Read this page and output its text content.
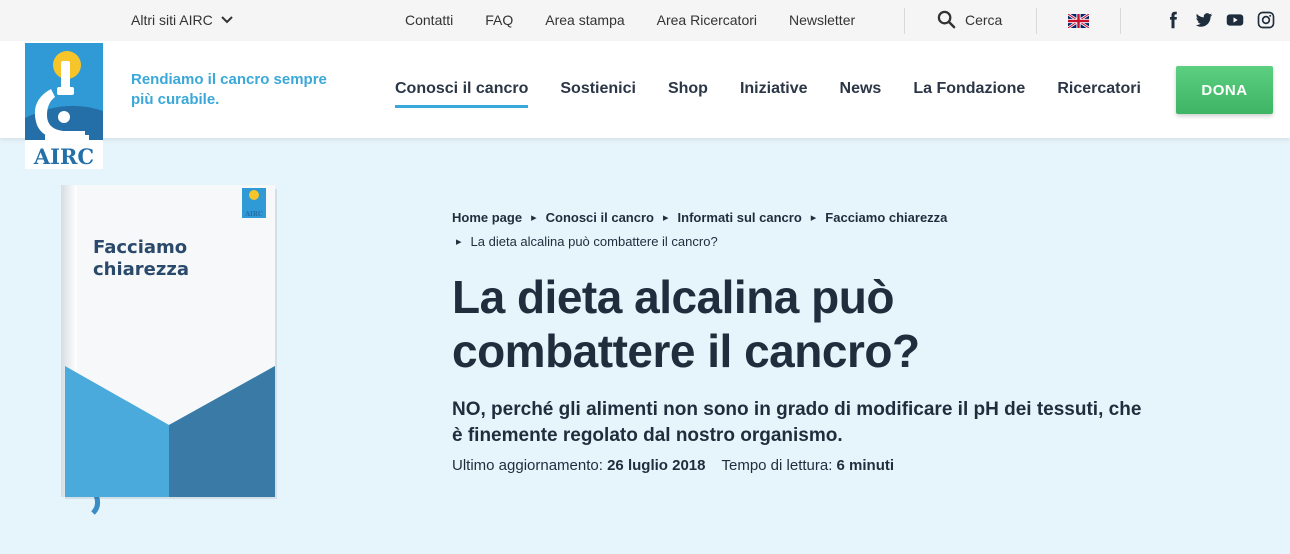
Altri siti AIRC	Contatti FAQ Area stampa Area Ricercatori Newsletter	Cerca
AIRC
Rendiamo il cancro sempre più curabile.
Conosci il cancro Sostienici Shop Iniziative News La Fondazione Ricercatori	DONA
AIRC
Facciamo
chiarezza
Home page ▸ Conosci il cancro ▸ Informati sul cancro ▸ Facciamo chiarezza
▸ La dieta alcalina può combattere il cancro?
La dieta alcalina può combattere il cancro?

NO, perché gli alimenti non sono in grado di modificare il pH dei tessuti, che è finemente regolato dal nostro organismo.

Ultimo aggiornamento: 26 luglio 2018 Tempo di lettura: 6 minuti
